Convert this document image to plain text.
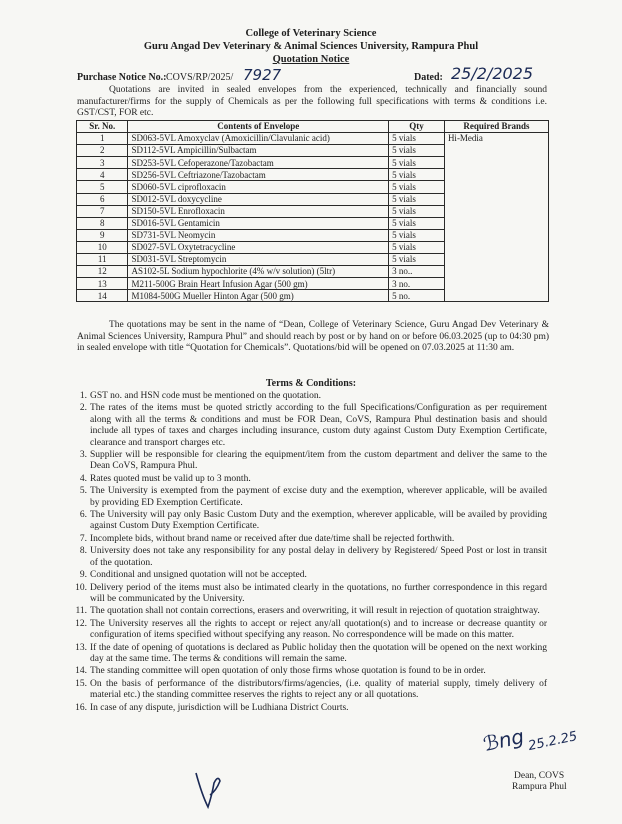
College of Veterinary Science
Guru Angad Dev Veterinary & Animal Sciences University, Rampura Phul
Quotation Notice
Purchase Notice No.: COVS/RP/2025/ 7927	Dated: 25/2/2025
Quotations are invited in sealed envelopes from the experienced, technically and financially sound manufacturer/firms for the supply of Chemicals as per the following full specifications with terms & conditions i.e. GST/CST, FOR etc.
Sr. No.	Contents of Envelope	Qty	Required Brands
1	SD063-5VL Amoxyclav (Amoxicillin/Clavulanic acid)	5 vials	Hi-Media
2	SD112-5VL Ampicillin/Sulbactam	5 vials	
3	SD253-5VL Cefoperazone/Tazobactam	5 vials	
4	SD256-5VL Ceftriazone/Tazobactam	5 vials	
5	SD060-5VL ciprofloxacin	5 vials	
6	SD012-5VL doxycycline	5 vials	
7	SD150-5VL Enrofloxacin	5 vials	
8	SD016-5VL Gentamicin	5 vials	
9	SD731-5VL Neomycin	5 vials	
10	SD027-5VL Oxytetracycline	5 vials	
11	SD031-5VL Streptomycin	5 vials	
12	AS102-5L Sodium hypochlorite (4% w/v solution) (5ltr)	3 no..	
13	M211-500G Brain Heart Infusion Agar (500 gm)	3 no.	
14	M1084-500G Mueller Hinton Agar (500 gm)	5 no.	
The quotations may be sent in the name of “Dean, College of Veterinary Science, Guru Angad Dev Veterinary & Animal Sciences University, Rampura Phul” and should reach by post or by hand on or before 06.03.2025 (up to 04:30 pm) in sealed envelope with title “Quotation for Chemicals”. Quotations/bid will be opened on 07.03.2025 at 11:30 am.
Terms & Conditions:
1. GST no. and HSN code must be mentioned on the quotation.
2. The rates of the items must be quoted strictly according to the full Specifications/Configuration as per requirement along with all the terms & conditions and must be FOR Dean, CoVS, Rampura Phul destination basis and should include all types of taxes and charges including insurance, custom duty against Custom Duty Exemption Certificate, clearance and transport charges etc.
3. Supplier will be responsible for clearing the equipment/item from the custom department and deliver the same to the Dean CoVS, Rampura Phul.
4. Rates quoted must be valid up to 3 month.
5. The University is exempted from the payment of excise duty and the exemption, wherever applicable, will be availed by providing ED Exemption Certificate.
6. The University will pay only Basic Custom Duty and the exemption, wherever applicable, will be availed by providing against Custom Duty Exemption Certificate.
7. Incomplete bids, without brand name or received after due date/time shall be rejected forthwith.
8. University does not take any responsibility for any postal delay in delivery by Registered/ Speed Post or lost in transit of the quotation.
9. Conditional and unsigned quotation will not be accepted.
10. Delivery period of the items must also be intimated clearly in the quotations, no further correspondence in this regard will be communicated by the University.
11. The quotation shall not contain corrections, erasers and overwriting, it will result in rejection of quotation straightway.
12. The University reserves all the rights to accept or reject any/all quotation(s) and to increase or decrease quantity or configuration of items specified without specifying any reason. No correspondence will be made on this matter.
13. If the date of opening of quotations is declared as Public holiday then the quotation will be opened on the next working day at the same time. The terms & conditions will remain the same.
14. The standing committee will open quotation of only those firms whose quotation is found to be in order.
15. On the basis of performance of the distributors/firms/agencies, (i.e. quality of material supply, timely delivery of material etc.) the standing committee reserves the rights to reject any or all quotations.
16. In case of any dispute, jurisdiction will be Ludhiana District Courts.
ℬng 25.2.25
Dean, COVS
Rampura Phul
